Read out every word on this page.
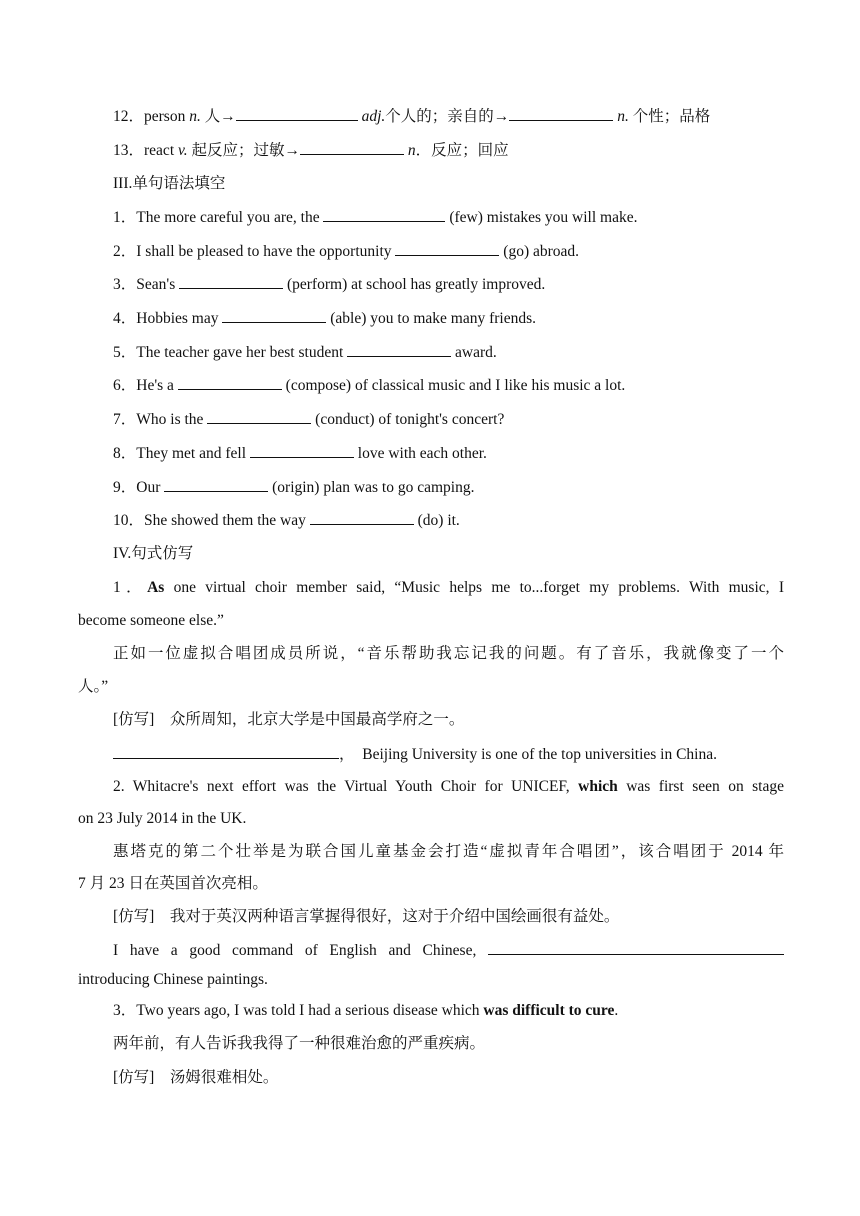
12．person n. 人→	adj.个人的；亲自的→	n. 个性；品格
13．react v. 起反应；过敏→	n．反应；回应
III.单句语法填空
1．The more careful you are, the	(few) mistakes you will make.
2．I shall be pleased to have the opportunity	(go) abroad.
3．Sean's	(perform) at school has greatly improved.
4．Hobbies may	(able) you to make many friends.
5．The teacher gave her best student	award.
6．He's a	(compose) of classical music and I like his music a lot.
7．Who is the	(conduct) of tonight's concert?
8．They met and fell	love with each other.
9．Our	(origin) plan was to go camping.
10．She showed them the way	(do) it.
IV.句式仿写
1．As one virtual choir member said, “Music helps me to...forget my problems. With music, I
become someone else.”
正如一位虚拟合唱团成员所说，“音乐帮助我忘记我的问题。有了音乐，我就像变了一个
人。”
[仿写]　众所周知，北京大学是中国最高学府之一。
，　Beijing University is one of the top universities in China.
2. Whitacre's next effort was the Virtual Youth Choir for UNICEF, which was first seen on stage
on 23 July 2014 in the UK.
惠塔克的第二个壮举是为联合国儿童基金会打造“虚拟青年合唱团”，该合唱团于 2014 年
7 月 23 日在英国首次亮相。
[仿写]　我对于英汉两种语言掌握得很好，这对于介绍中国绘画很有益处。
I have a good command of English and Chinese,
introducing Chinese paintings.
3．Two years ago, I was told I had a serious disease which was difficult to cure.
两年前，有人告诉我我得了一种很难治愈的严重疾病。
[仿写]　汤姆很难相处。
